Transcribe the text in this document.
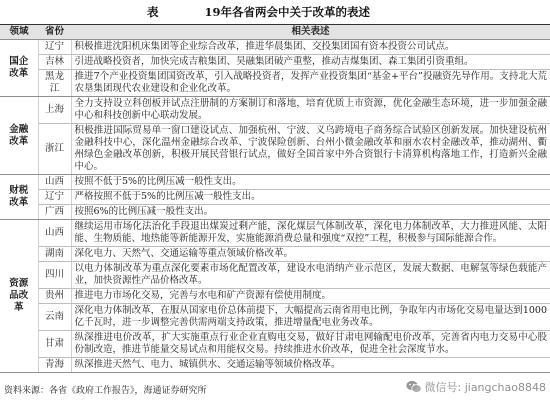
表	19年各省两会中关于改革的表述
领域	省份	相关表述
国企改革	辽宁	积极推进沈阳机床集团等企业综合改革，推进华晨集团、交投集团国有资本投资公司试点。
	吉林	引进战略投资者，加快完成吉粮集团、昊融集团破产重整，推动吉煤集团、森工集团引资重组。
	黑龙江	推进7个产业投资集团国资改革，引入战略投资者，发挥产业投资集团“基金+平台”投融资先导作用。支持北大荒农垦集团现代农业建设和企业化改革。
金融改革	上海	全力支持设立科创板并试点注册制的方案制订和落地，培育优质上市资源，优化金融生态环境，进一步加强金融中心和科技创新中心联动发展。
	浙江	积极推进国际贸易单一窗口建设试点、加强杭州、宁波、义乌跨境电子商务综合试验区创新发展。加快建设杭州金融科技中心，深化温州金融综合改革、宁波保险创新、台州小微金融改革和丽水农村金融改革，推动湖州、衢州绿色金融改革创新，积极开展民营银行试点，做好全国首家中外合资银行卡清算机构落地工作，打造新兴金融中心。
财税改革	山西	按照不低于5%的比例压减一般性支出。
	辽宁	严格按照不低于5%的比例压减一般性支出。
	广西	按照6%的比例压减一般性支出。
资源品改革	山西	继续运用市场化法治化手段退出煤炭过剩产能，深化煤层气体制改革，深化电力体制改革，大力推进风能、太阳能、生物质能、地热能等新能源开发，实施能源消费总量和强度“双控”工程，积极参与国际能源合作。
	湖南	深化电力、天然气、交通运输等重点领域价格改革。
	四川	以电力体制改革为重点深化要素市场化配置改革，建设水电消纳产业示范区，发展大数据、电解氢等绿色载能产业，加快资源性产品价格改革。
	贵州	推进电力市场化交易，完善与水电和矿产资源有偿使用制度。
	云南	深化电力体制改革，在服从国家电价总体前提下，大幅提高云南省用电比例，争取年内市场化交易电量达到1000亿千瓦时，进一步调整完善供需两端支持政策，推进增量配电业务改革。
	甘肃	纵深推进电价改革，扩大实施重点行业企业直购电交易，做好甘肃电网输配电价改革，完善省内电力交易中心股份制改造，推进节能量交易试点和用能权交易。持续推进水价改革，促进全社会深度节水。
	青海	纵深推进天然气、电力、城镇供水、交通运输等领域价格改革。
资料来源：各省《政府工作报告》，海通证券研究所	微信号: jiangchao8848
